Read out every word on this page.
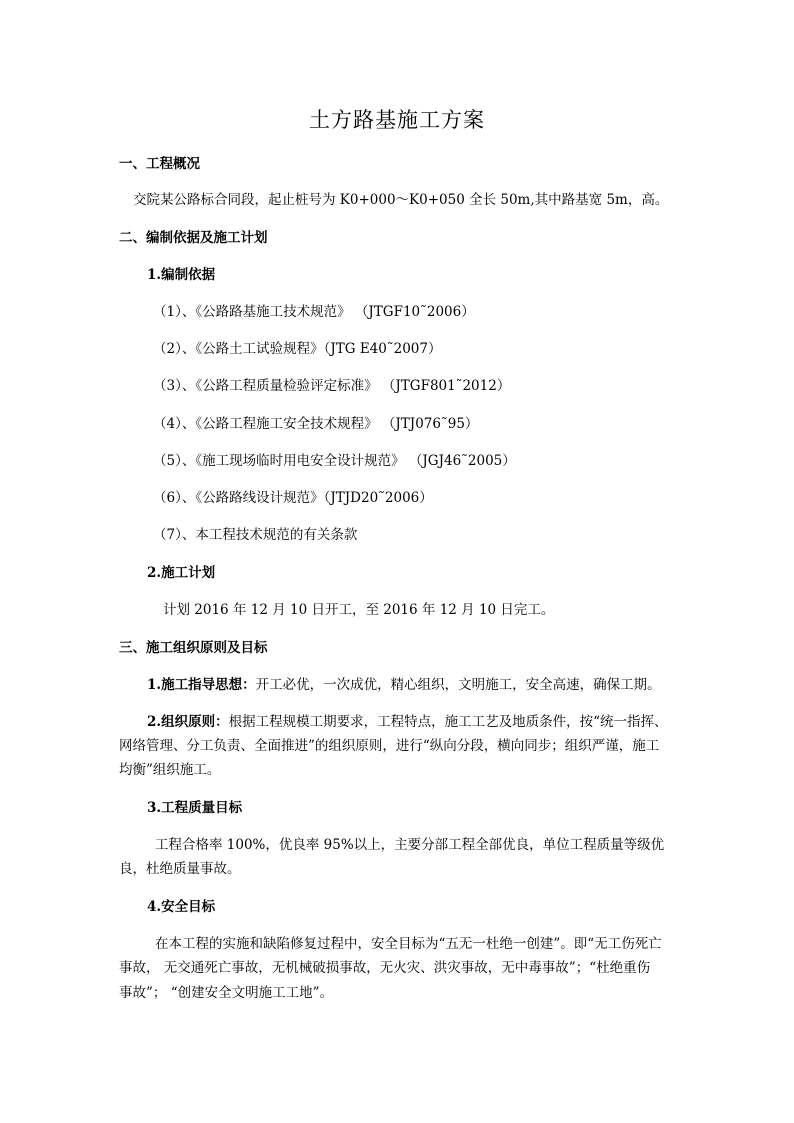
土方路基施工方案
一、工程概况
交院某公路标合同段，起止桩号为 K0+000～K0+050 全长 50m,其中路基宽 5m，高。
二、编制依据及施工计划
1.编制依据
（1）、《公路路基施工技术规范》 （JTGF10˜2006）
（2）、《公路土工试验规程》（JTG E40˜2007）
（3）、《公路工程质量检验评定标准》 （JTGF801˜2012）
（4）、《公路工程施工安全技术规程》 （JTJ076˜95）
（5）、《施工现场临时用电安全设计规范》 （JGJ46˜2005）
（6）、《公路路线设计规范》（JTJD20˜2006）
（7）、本工程技术规范的有关条款
2.施工计划
计划 2016 年 12 月 10 日开工，至 2016 年 12 月 10 日完工。
三、施工组织原则及目标
1.施工指导思想：开工必优，一次成优，精心组织，文明施工，安全高速，确保工期。
2.组织原则：根据工程规模工期要求，工程特点，施工工艺及地质条件，按“统一指挥、
网络管理、分工负责、全面推进”的组织原则，进行“纵向分段，横向同步；组织严谨，施工
均衡”组织施工。
3.工程质量目标
工程合格率 100%，优良率 95%以上，主要分部工程全部优良，单位工程质量等级优
良，杜绝质量事故。
4.安全目标
在本工程的实施和缺陷修复过程中，安全目标为“五无一杜绝一创建”。即“无工伤死亡
事故， 无交通死亡事故，无机械破损事故，无火灾、洪灾事故，无中毒事故”；“杜绝重伤
事故”； “创建安全文明施工工地”。
